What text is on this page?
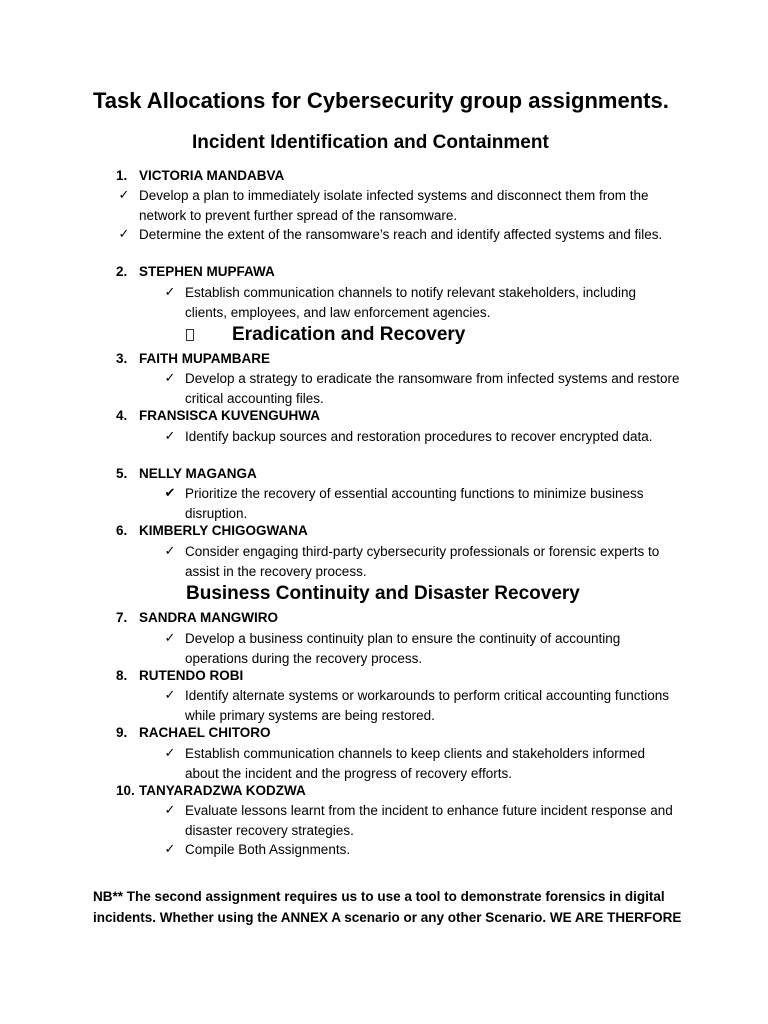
Task Allocations for Cybersecurity group assignments.
Incident Identification and Containment
1. VICTORIA MANDABVA
✓ Develop a plan to immediately isolate infected systems and disconnect them from the network to prevent further spread of the ransomware.
✓ Determine the extent of the ransomware’s reach and identify affected systems and files.
2. STEPHEN MUPFAWA
✓ Establish communication channels to notify relevant stakeholders, including clients, employees, and law enforcement agencies.
Eradication and Recovery
3. FAITH MUPAMBARE
✓ Develop a strategy to eradicate the ransomware from infected systems and restore critical accounting files.
4. FRANSISCA KUVENGUHWA
✓ Identify backup sources and restoration procedures to recover encrypted data.
5. NELLY MAGANGA
✔ Prioritize the recovery of essential accounting functions to minimize business disruption.
6. KIMBERLY CHIGOGWANA
✓ Consider engaging third-party cybersecurity professionals or forensic experts to assist in the recovery process.
Business Continuity and Disaster Recovery
7. SANDRA MANGWIRO
✓ Develop a business continuity plan to ensure the continuity of accounting operations during the recovery process.
8. RUTENDO ROBI
✓ Identify alternate systems or workarounds to perform critical accounting functions while primary systems are being restored.
9. RACHAEL CHITORO
✓ Establish communication channels to keep clients and stakeholders informed about the incident and the progress of recovery efforts.
10. TANYARADZWA KODZWA
✓ Evaluate lessons learnt from the incident to enhance future incident response and disaster recovery strategies.
✓ Compile Both Assignments.
NB** The second assignment requires us to use a tool to demonstrate forensics in digital incidents. Whether using the ANNEX A scenario or any other Scenario. WE ARE THERFORE
